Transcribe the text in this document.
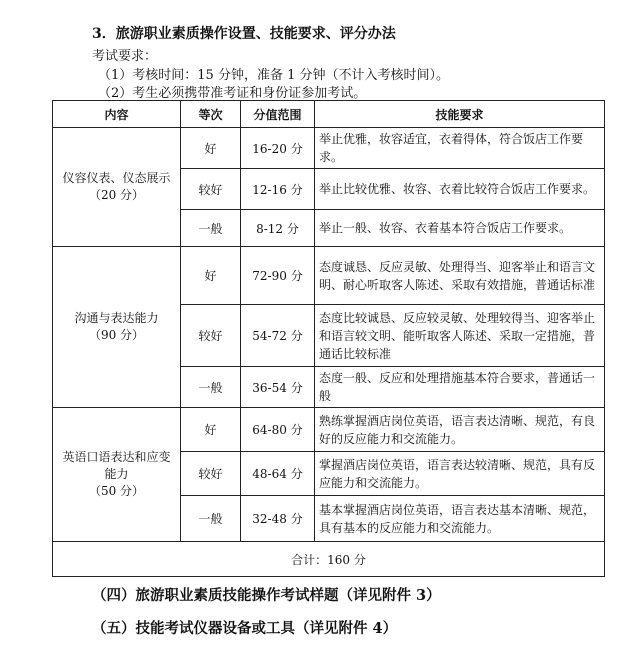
3．旅游职业素质操作设置、技能要求、评分办法
考试要求：
（1）考核时间：15 分钟，准备 1 分钟（不计入考核时间）。
（2）考生必须携带准考证和身份证参加考试。
内容	等次	分值范围	技能要求

仪容仪表、仪态展示
（20 分）	好	16-20 分	举止优雅，妆容适宜，衣着得体，符合饭店工作要求。
	较好	12-16 分	举止比较优雅、妆容、衣着比较符合饭店工作要求。
	一般	8-12 分	举止一般、妆容、衣着基本符合饭店工作要求。

沟通与表达能力
（90 分）	好	72-90 分	态度诚恳、反应灵敏、处理得当、迎客举止和语言文明、耐心听取客人陈述、采取有效措施，普通话标准
	较好	54-72 分	态度比较诚恳、反应较灵敏、处理较得当、迎客举止和语言较文明、能听取客人陈述、采取一定措施，普通话比较标准
	一般	36-54 分	态度一般、反应和处理措施基本符合要求，普通话一般

英语口语表达和应变能力
（50 分）	好	64-80 分	熟练掌握酒店岗位英语，语言表达清晰、规范，有良好的反应能力和交流能力。
	较好	48-64 分	掌握酒店岗位英语，语言表达较清晰、规范，具有反应能力和交流能力。
	一般	32-48 分	基本掌握酒店岗位英语，语言表达基本清晰、规范，具有基本的反应能力和交流能力。
合计：160 分			
（四）旅游职业素质技能操作考试样题（详见附件 3）
（五）技能考试仪器设备或工具（详见附件 4）
